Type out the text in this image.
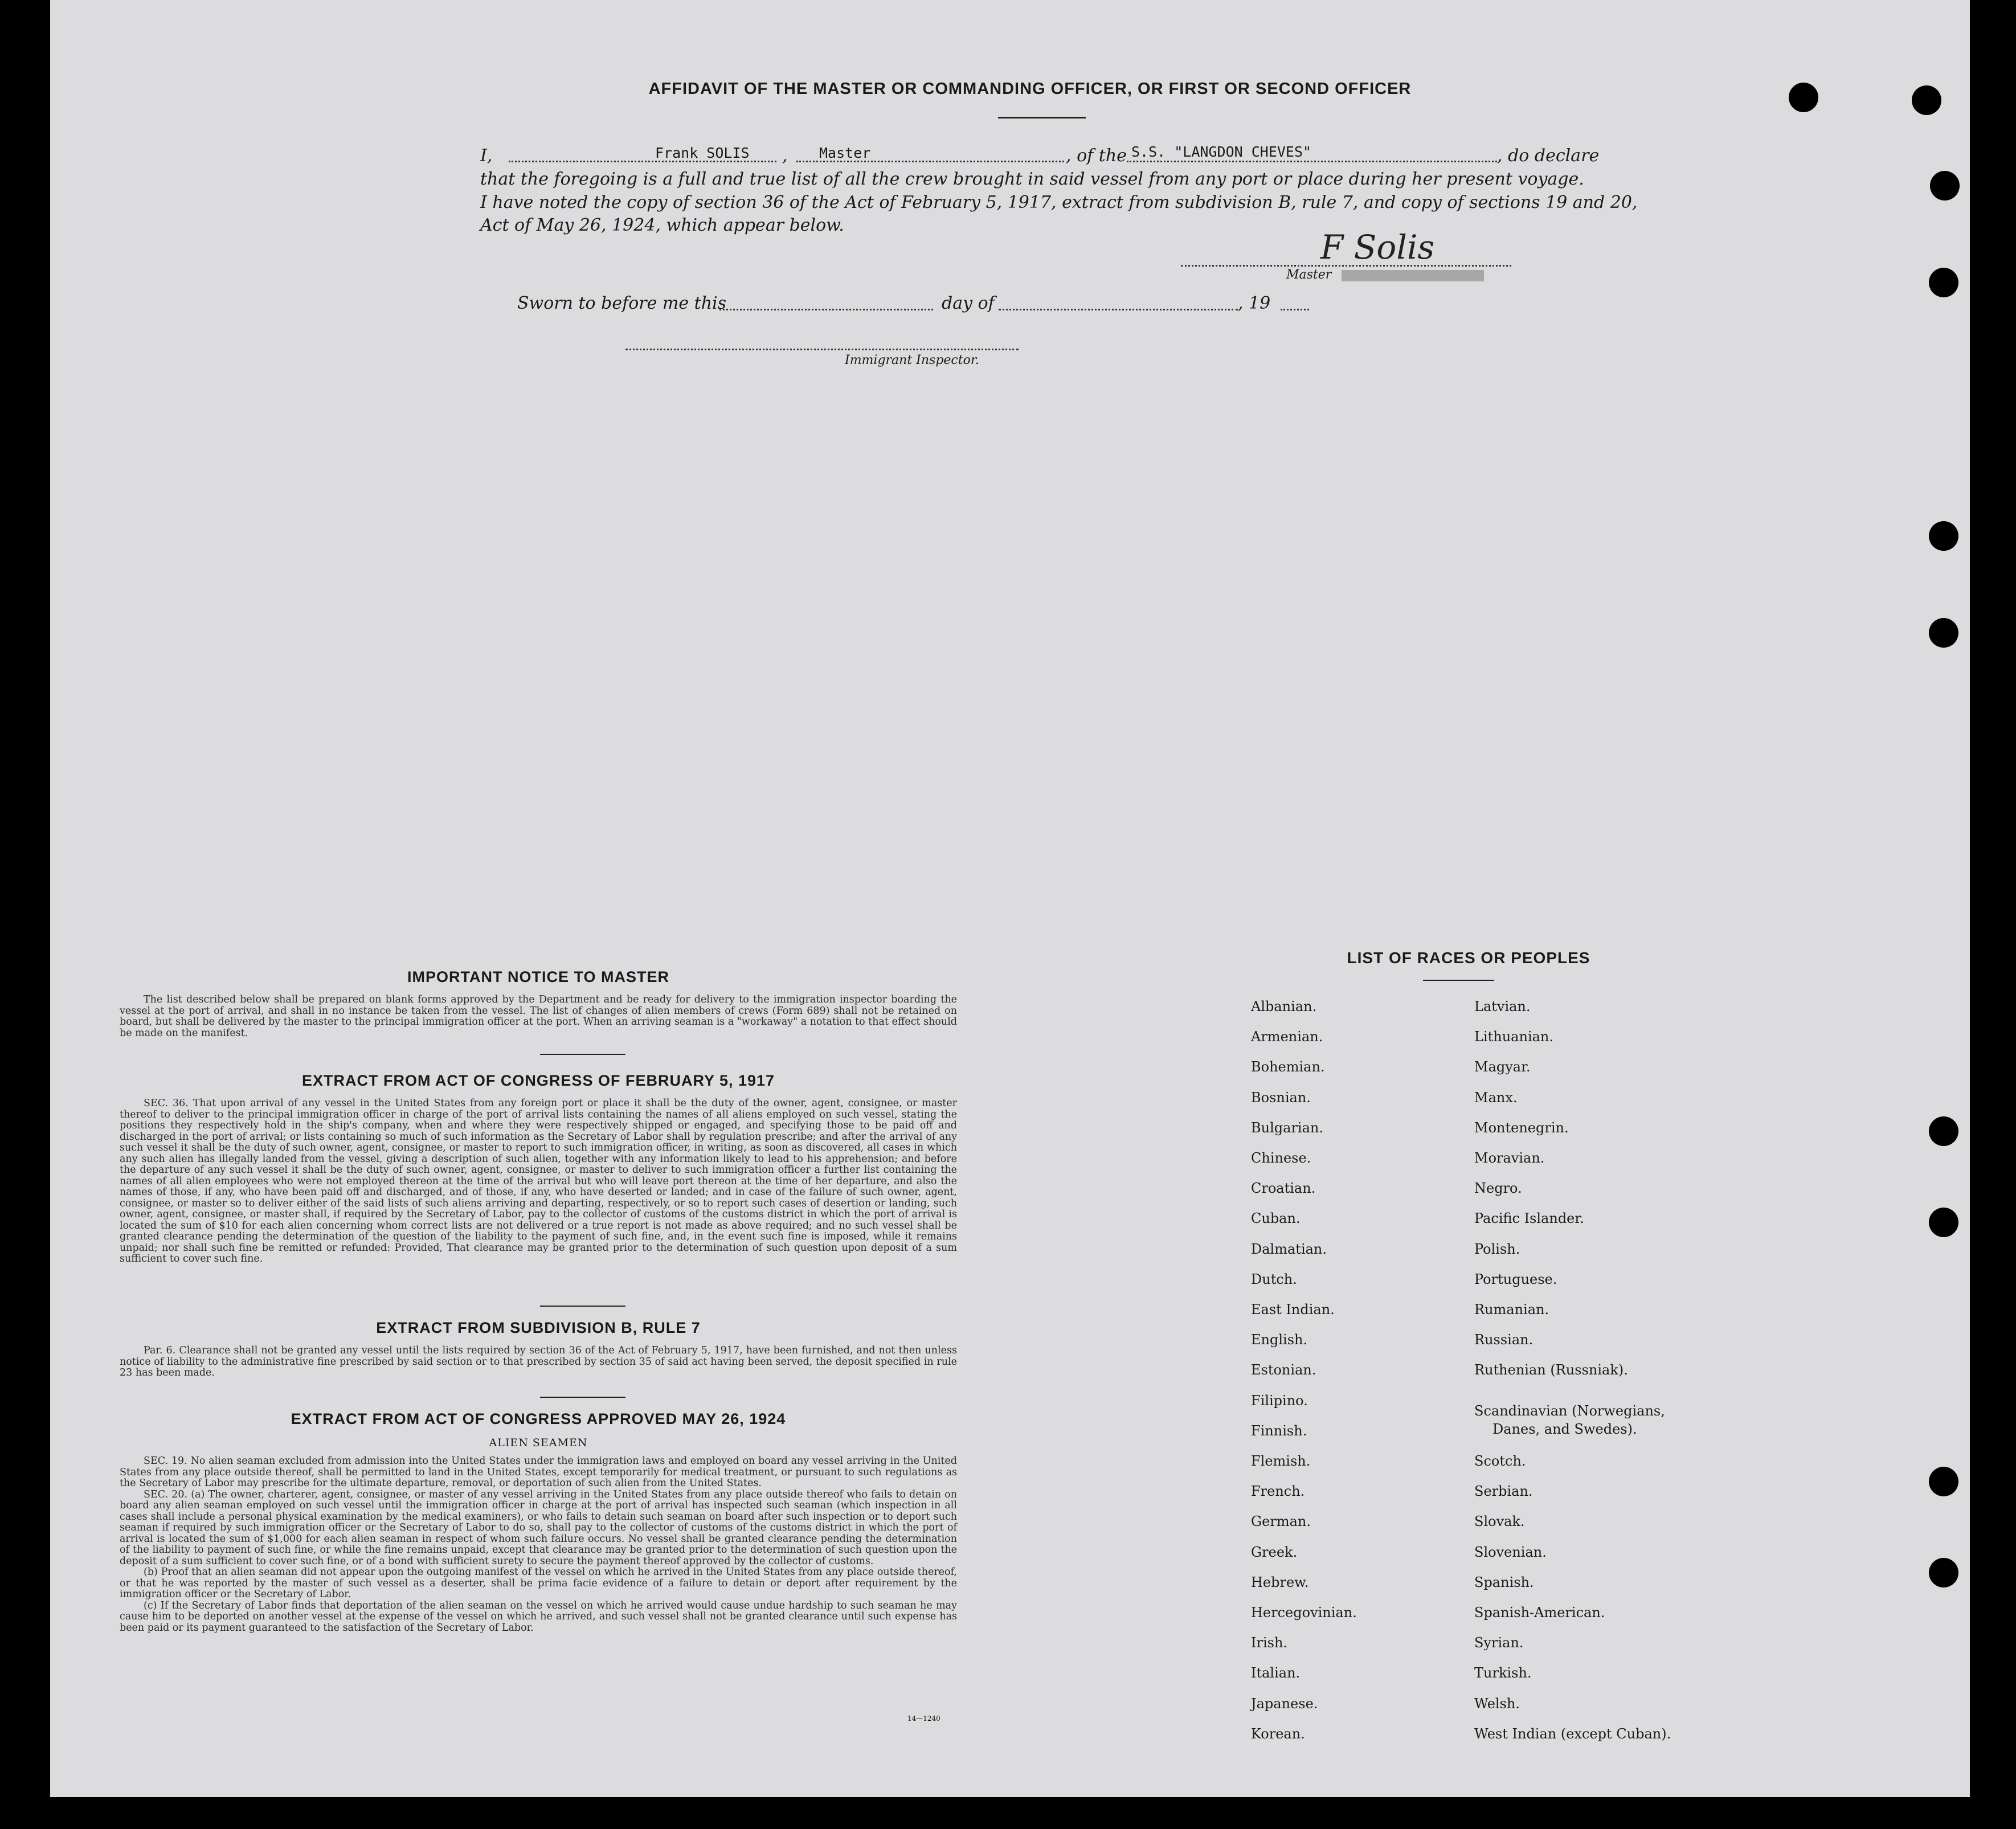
AFFIDAVIT OF THE MASTER OR COMMANDING OFFICER, OR FIRST OR SECOND OFFICER
I,	Frank SOLIS , Master	, of the S.S. "LANGDON CHEVES"	, do declare
that the foregoing is a full and true list of all the crew brought in said vessel from any port or place during her present voyage.
I have noted the copy of section 36 of the Act of February 5, 1917, extract from subdivision B, rule 7, and copy of sections 19 and 20,
Act of May 26, 1924, which appear below.
F Solis
Master
Sworn to before me this	day of	, 19
Immigrant Inspector.
IMPORTANT NOTICE TO MASTER

The list described below shall be prepared on blank forms approved by the Department and be ready for delivery to the immigration inspector boarding the vessel at the port of arrival, and shall in no instance be taken from the vessel. The list of changes of alien members of crews (Form 689) shall not be retained on board, but shall be delivered by the master to the principal immigration officer at the port. When an arriving seaman is a "workaway" a notation to that effect should be made on the manifest.

EXTRACT FROM ACT OF CONGRESS OF FEBRUARY 5, 1917

SEC. 36. That upon arrival of any vessel in the United States from any foreign port or place it shall be the duty of the owner, agent, consignee, or master thereof to deliver to the principal immigration officer in charge of the port of arrival lists containing the names of all aliens employed on such vessel, stating the positions they respectively hold in the ship's company, when and where they were respectively shipped or engaged, and specifying those to be paid off and discharged in the port of arrival; or lists containing so much of such information as the Secretary of Labor shall by regulation prescribe; and after the arrival of any such vessel it shall be the duty of such owner, agent, consignee, or master to report to such immigration officer, in writing, as soon as discovered, all cases in which any such alien has illegally landed from the vessel, giving a description of such alien, together with any information likely to lead to his apprehension; and before the departure of any such vessel it shall be the duty of such owner, agent, consignee, or master to deliver to such immigration officer a further list containing the names of all alien employees who were not employed thereon at the time of the arrival but who will leave port thereon at the time of her departure, and also the names of those, if any, who have been paid off and discharged, and of those, if any, who have deserted or landed; and in case of the failure of such owner, agent, consignee, or master so to deliver either of the said lists of such aliens arriving and departing, respectively, or so to report such cases of desertion or landing, such owner, agent, consignee, or master shall, if required by the Secretary of Labor, pay to the collector of customs of the customs district in which the port of arrival is located the sum of $10 for each alien concerning whom correct lists are not delivered or a true report is not made as above required; and no such vessel shall be granted clearance pending the determination of the question of the liability to the payment of such fine, and, in the event such fine is imposed, while it remains unpaid; nor shall such fine be remitted or refunded: Provided, That clearance may be granted prior to the determination of such question upon deposit of a sum sufficient to cover such fine.

EXTRACT FROM SUBDIVISION B, RULE 7

Par. 6. Clearance shall not be granted any vessel until the lists required by section 36 of the Act of February 5, 1917, have been furnished, and not then unless notice of liability to the administrative fine prescribed by said section or to that prescribed by section 35 of said act having been served, the deposit specified in rule 23 has been made.

EXTRACT FROM ACT OF CONGRESS APPROVED MAY 26, 1924
ALIEN SEAMEN

SEC. 19. No alien seaman excluded from admission into the United States under the immigration laws and employed on board any vessel arriving in the United States from any place outside thereof, shall be permitted to land in the United States, except temporarily for medical treatment, or pursuant to such regulations as the Secretary of Labor may prescribe for the ultimate departure, removal, or deportation of such alien from the United States.

SEC. 20. (a) The owner, charterer, agent, consignee, or master of any vessel arriving in the United States from any place outside thereof who fails to detain on board any alien seaman employed on such vessel until the immigration officer in charge at the port of arrival has inspected such seaman (which inspection in all cases shall include a personal physical examination by the medical examiners), or who fails to detain such seaman on board after such inspection or to deport such seaman if required by such immigration officer or the Secretary of Labor to do so, shall pay to the collector of customs of the customs district in which the port of arrival is located the sum of $1,000 for each alien seaman in respect of whom such failure occurs. No vessel shall be granted clearance pending the determination of the liability to payment of such fine, or while the fine remains unpaid, except that clearance may be granted prior to the determination of such question upon the deposit of a sum sufficient to cover such fine, or of a bond with sufficient surety to secure the payment thereof approved by the collector of customs.

(b) Proof that an alien seaman did not appear upon the outgoing manifest of the vessel on which he arrived in the United States from any place outside thereof, or that he was reported by the master of such vessel as a deserter, shall be prima facie evidence of a failure to detain or deport after requirement by the immigration officer or the Secretary of Labor.

(c) If the Secretary of Labor finds that deportation of the alien seaman on the vessel on which he arrived would cause undue hardship to such seaman he may cause him to be deported on another vessel at the expense of the vessel on which he arrived, and such vessel shall not be granted clearance until such expense has been paid or its payment guaranteed to the satisfaction of the Secretary of Labor.

14—1240
LIST OF RACES OR PEOPLES
Albanian.
Armenian.
Bohemian.
Bosnian.
Bulgarian.
Chinese.
Croatian.
Cuban.
Dalmatian.
Dutch.
East Indian.
English.
Estonian.
Filipino.
Finnish.
Flemish.
French.
German.
Greek.
Hebrew.
Hercegovinian.
Irish.
Italian.
Japanese.
Korean.
Latvian.
Lithuanian.
Magyar.
Manx.
Montenegrin.
Moravian.
Negro.
Pacific Islander.
Polish.
Portuguese.
Rumanian.
Russian.
Ruthenian (Russniak).
Scandinavian (Norwegians,
Danes, and Swedes).
Scotch.
Serbian.
Slovak.
Slovenian.
Spanish.
Spanish-American.
Syrian.
Turkish.
Welsh.
West Indian (except Cuban).
